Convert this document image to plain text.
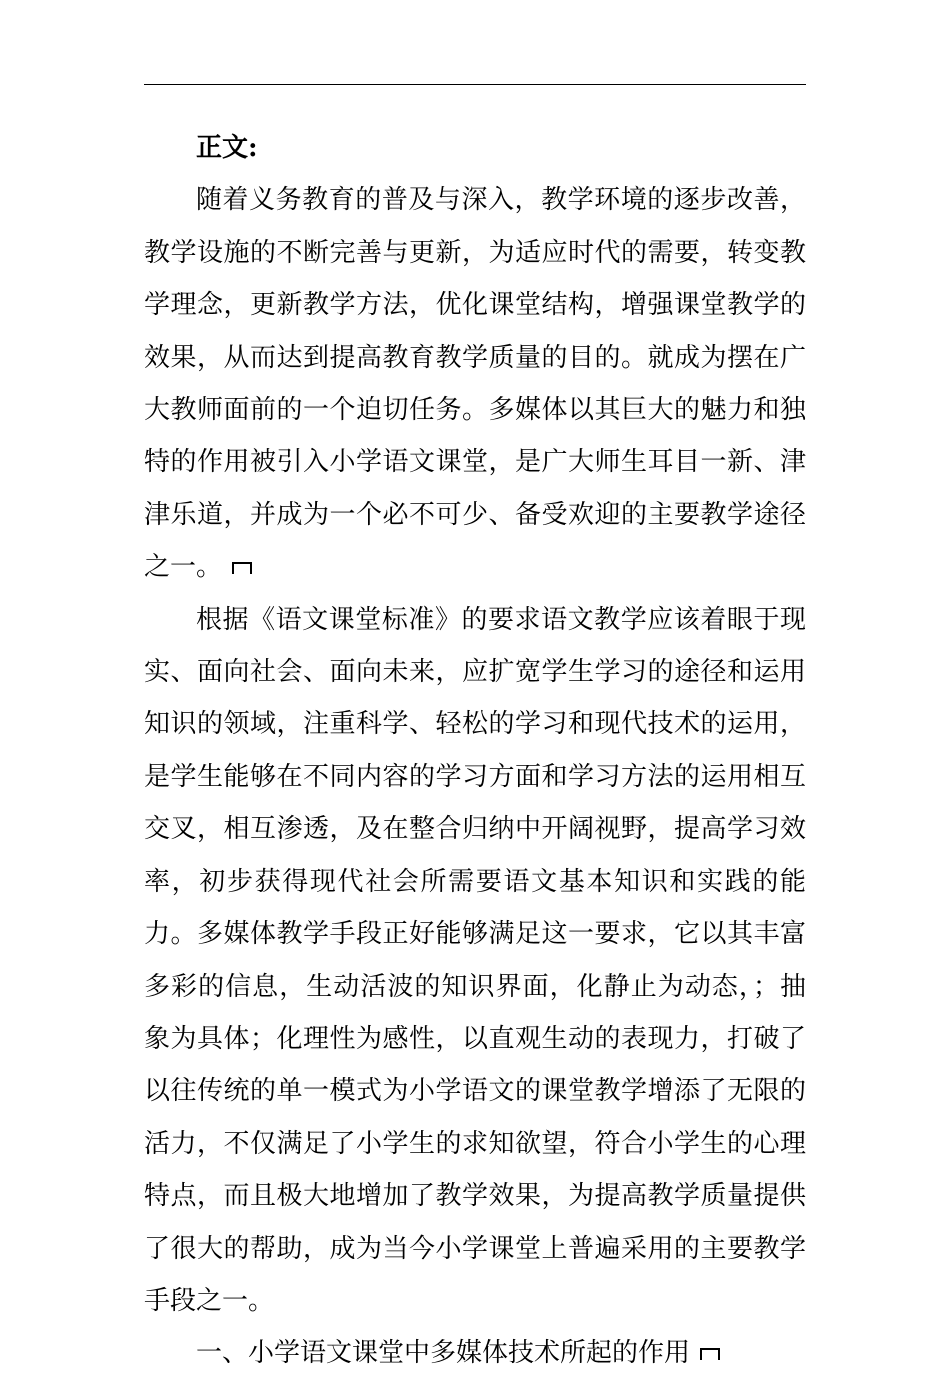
正文:

随着义务教育的普及与深入，教学环境的逐步改善，教学设施的不断完善与更新，为适应时代的需要，转变教学理念，更新教学方法，优化课堂结构，增强课堂教学的效果，从而达到提高教育教学质量的目的。就成为摆在广大教师面前的一个迫切任务。多媒体以其巨大的魅力和独特的作用被引入小学语文课堂，是广大师生耳目一新、津津乐道，并成为一个必不可少、备受欢迎的主要教学途径之一。

根据《语文课堂标准》的要求语文教学应该着眼于现实、面向社会、面向未来，应扩宽学生学习的途径和运用知识的领域，注重科学、轻松的学习和现代技术的运用，是学生能够在不同内容的学习方面和学习方法的运用相互交叉，相互渗透，及在整合归纳中开阔视野，提高学习效率，初步获得现代社会所需要语文基本知识和实践的能力。多媒体教学手段正好能够满足这一要求，它以其丰富多彩的信息，生动活波的知识界面，化静止为动态，；抽象为具体；化理性为感性，以直观生动的表现力，打破了以往传统的单一模式为小学语文的课堂教学增添了无限的活力，不仅满足了小学生的求知欲望，符合小学生的心理特点，而且极大地增加了教学效果，为提高教学质量提供了很大的帮助，成为当今小学课堂上普遍采用的主要教学手段之一。

一、小学语文课堂中多媒体技术所起的作用
